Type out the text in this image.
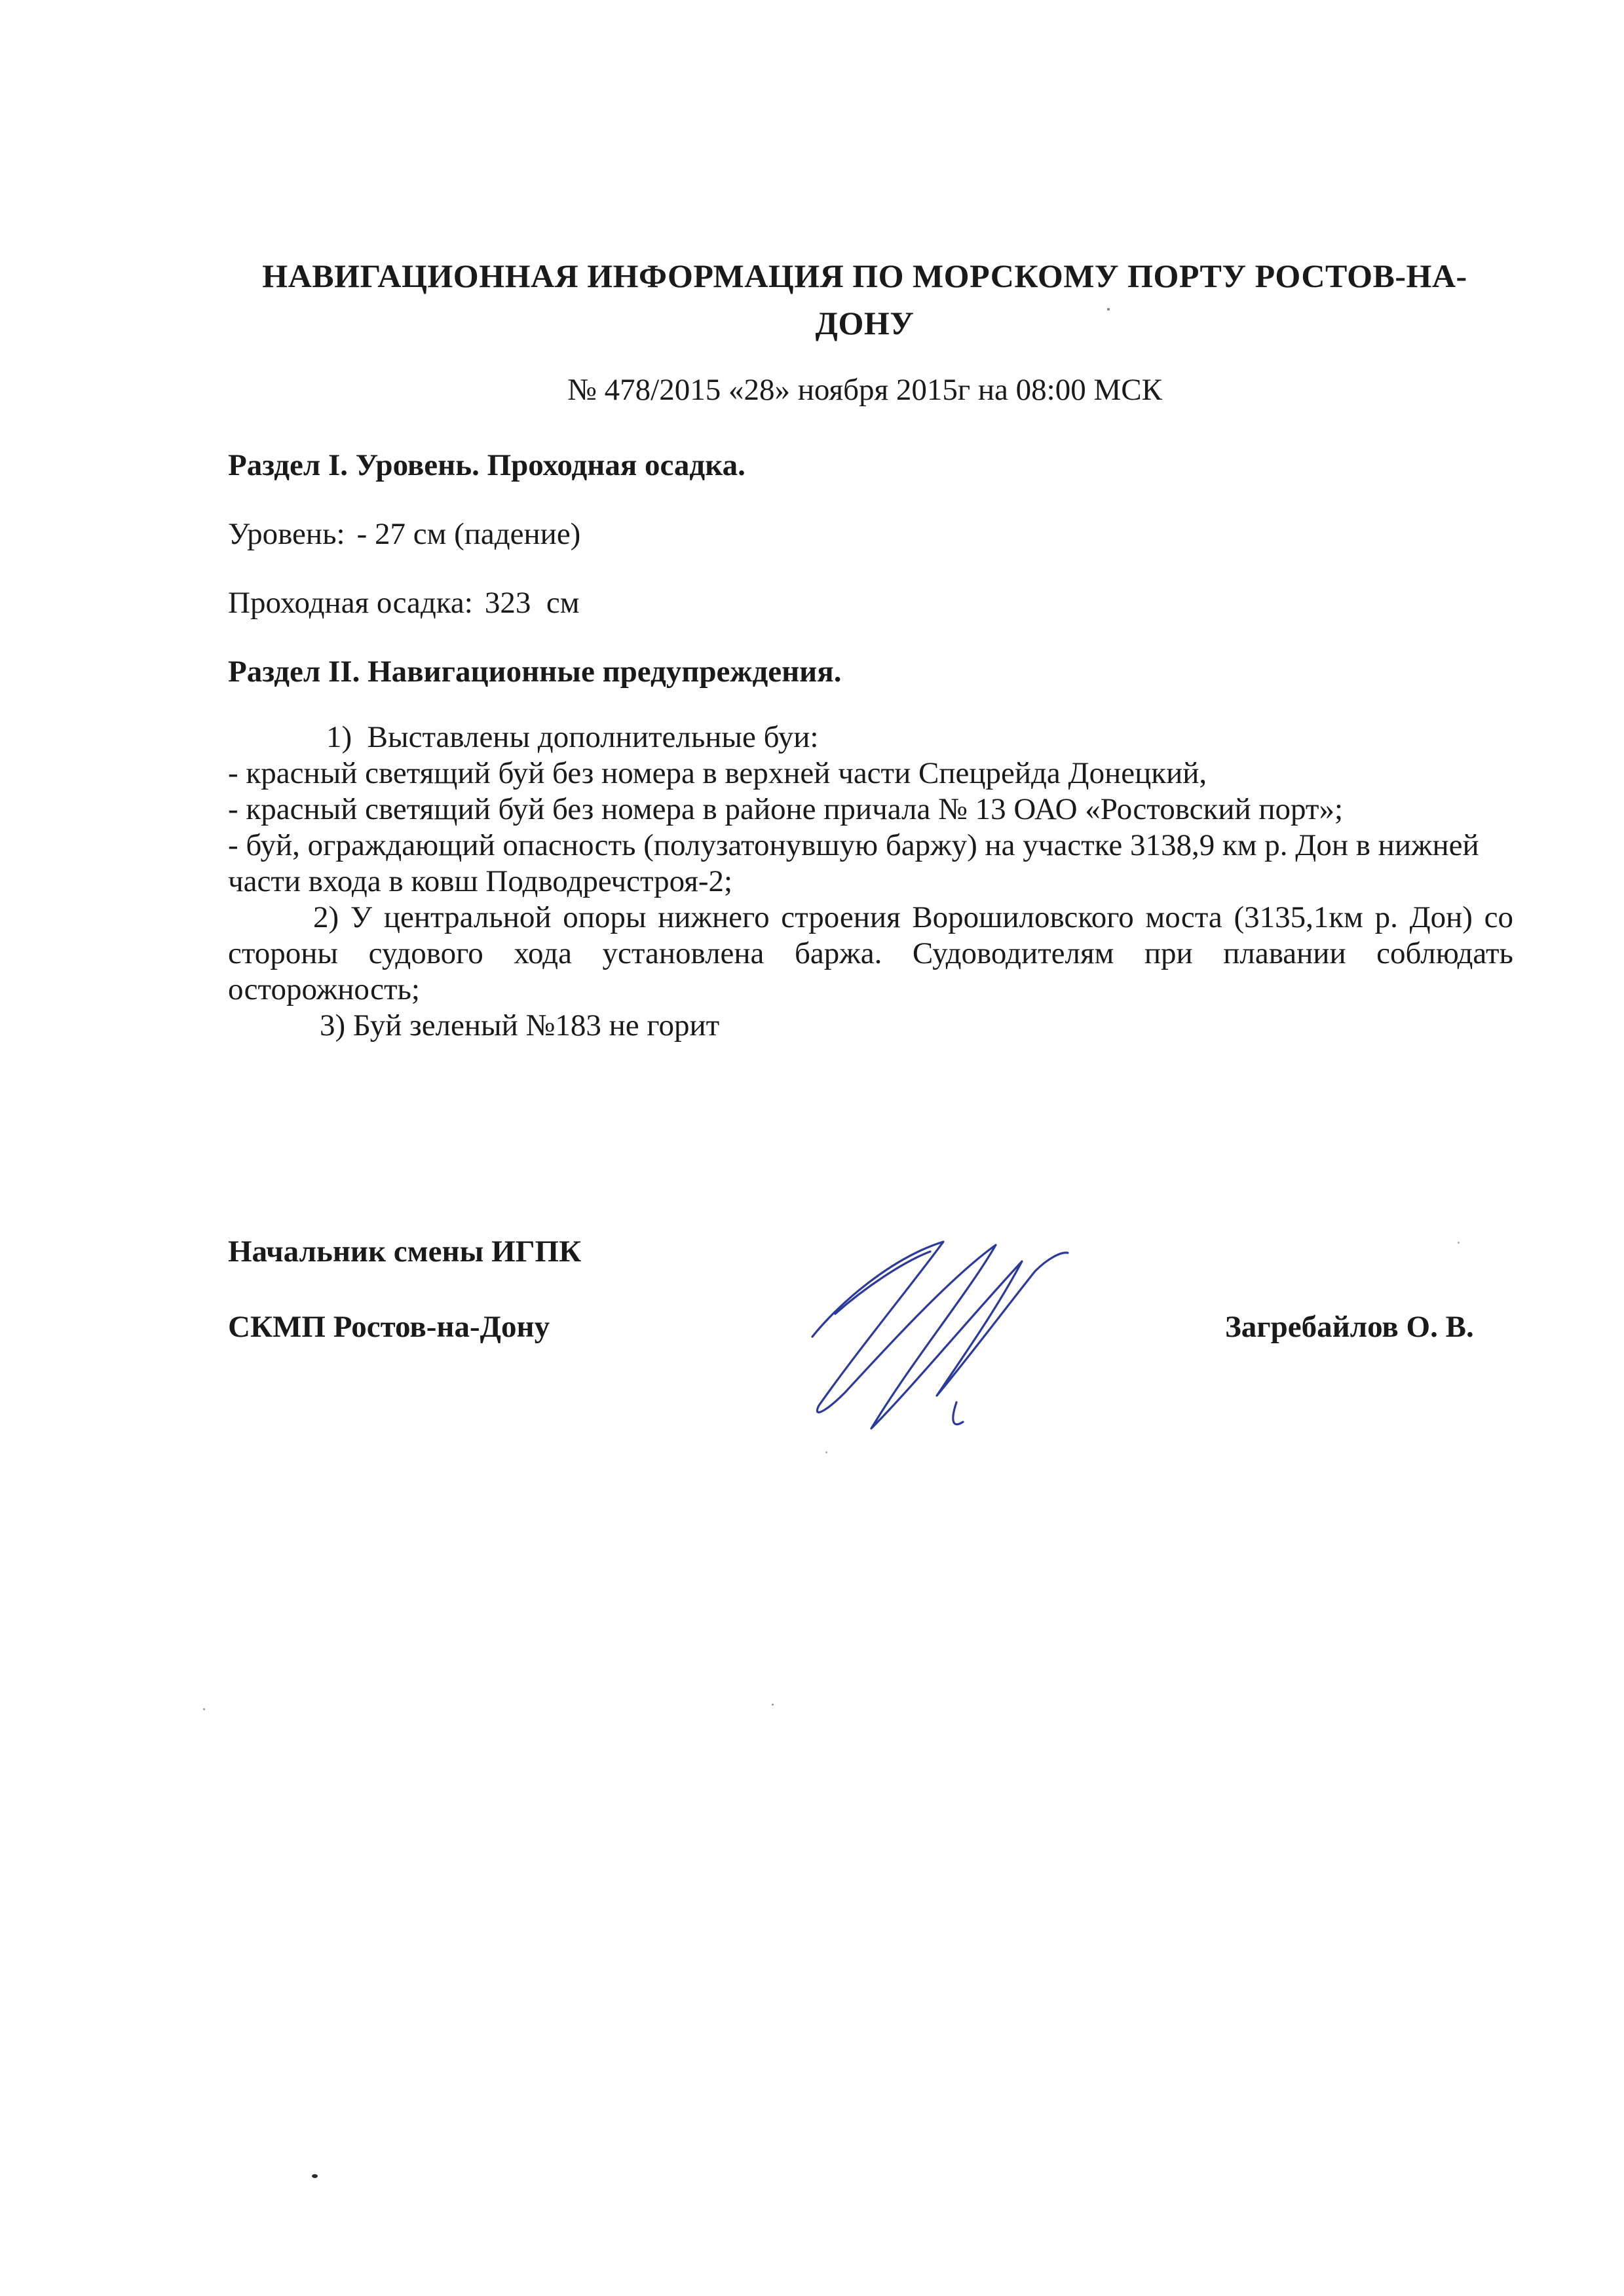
НАВИГАЦИОННАЯ ИНФОРМАЦИЯ ПО МОРСКОМУ ПОРТУ РОСТОВ-НА-
ДОНУ
№ 478/2015 «28» ноября 2015г на 08:00 МСК
Раздел I. Уровень. Проходная осадка.
Уровень: - 27 см (падение)
Проходная осадка: 323  см
Раздел II. Навигационные предупреждения.

1)  Выставлены дополнительные буи:

- красный светящий буй без номера в верхней части Спецрейда Донецкий,

- красный светящий буй без номера в районе причала № 13 ОАО «Ростовский порт»;

- буй, ограждающий опасность (полузатонувшую баржу) на участке 3138,9 км р. Дон в нижней части входа в ковш Подводречстроя-2;

2) У центральной опоры нижнего строения Ворошиловского моста (3135,1км р. Дон) со стороны судового хода установлена баржа. Судоводителям при плавании соблюдать осторожность;

3) Буй зеленый №183 не горит

Начальник смены ИГПК
СКМП Ростов-на-Дону	Загребайлов О. В.
